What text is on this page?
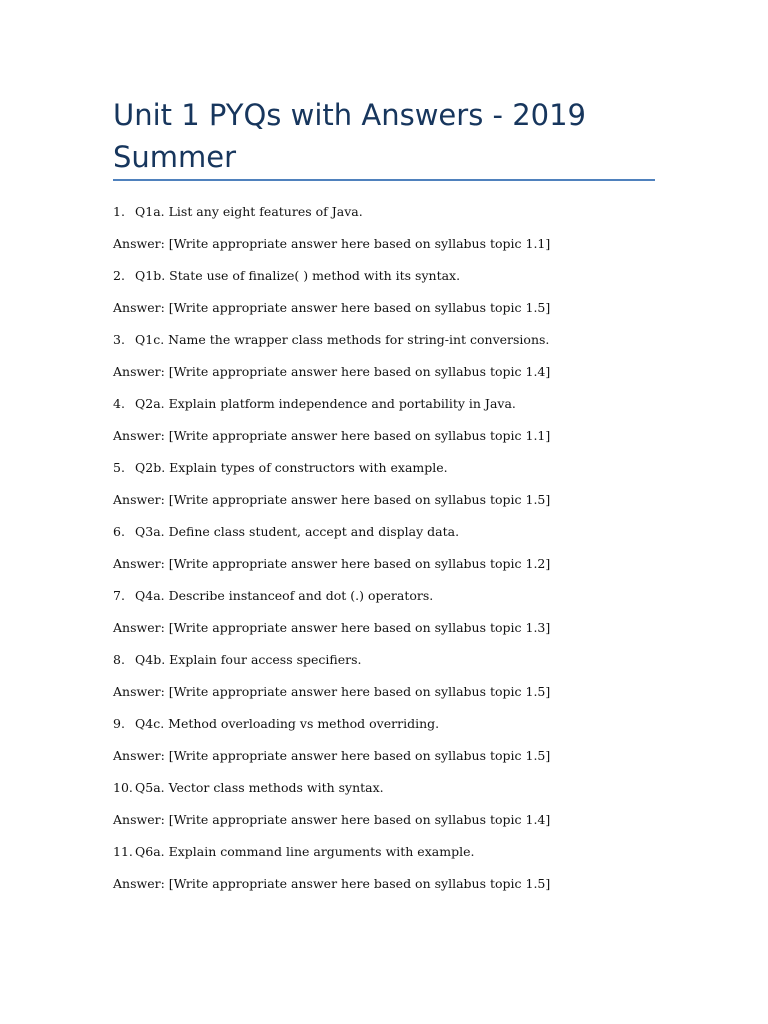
Unit 1 PYQs with Answers - 2019 Summer
1. Q1a. List any eight features of Java.
Answer: [Write appropriate answer here based on syllabus topic 1.1]
2. Q1b. State use of finalize( ) method with its syntax.
Answer: [Write appropriate answer here based on syllabus topic 1.5]
3. Q1c. Name the wrapper class methods for string-int conversions.
Answer: [Write appropriate answer here based on syllabus topic 1.4]
4. Q2a. Explain platform independence and portability in Java.
Answer: [Write appropriate answer here based on syllabus topic 1.1]
5. Q2b. Explain types of constructors with example.
Answer: [Write appropriate answer here based on syllabus topic 1.5]
6. Q3a. Define class student, accept and display data.
Answer: [Write appropriate answer here based on syllabus topic 1.2]
7. Q4a. Describe instanceof and dot (.) operators.
Answer: [Write appropriate answer here based on syllabus topic 1.3]
8. Q4b. Explain four access specifiers.
Answer: [Write appropriate answer here based on syllabus topic 1.5]
9. Q4c. Method overloading vs method overriding.
Answer: [Write appropriate answer here based on syllabus topic 1.5]
10. Q5a. Vector class methods with syntax.
Answer: [Write appropriate answer here based on syllabus topic 1.4]
11. Q6a. Explain command line arguments with example.
Answer: [Write appropriate answer here based on syllabus topic 1.5]
